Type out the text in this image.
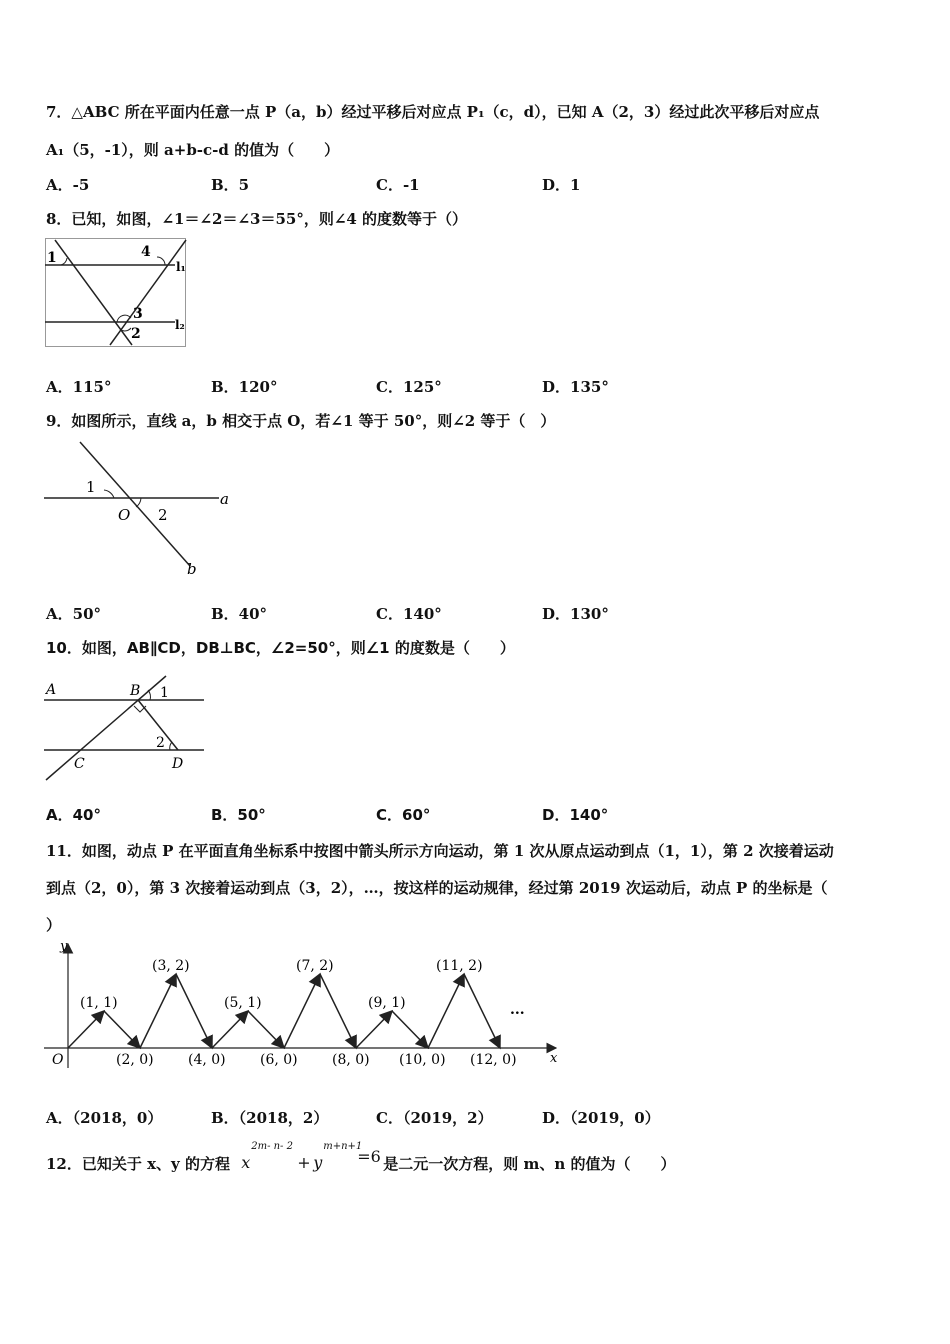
7．△ABC 所在平面内任意一点 P（a，b）经过平移后对应点 P₁（c，d），已知 A（2，3）经过此次平移后对应点
A₁（5，-1），则 a+b-c-d 的值为（　　）
A．-5	B．5	C．-1	D．1
8．已知，如图，∠1＝∠2＝∠3＝55°，则∠4 的度数等于（）
1	4
l₁
3
2
l₂
A．115°	B．120°	C．125°	D．135°
9．如图所示，直线 a，b 相交于点 O，若∠1 等于 50°，则∠2 等于（　）
1
a
O 2
b
A．50°	B．40°	C．140°	D．130°
10．如图，AB∥CD，DB⊥BC，∠2=50°，则∠1 的度数是（　　）
A	B 1
2
C	D
A．40°	B．50°	C．60°	D．140°
11．如图，动点 P 在平面直角坐标系中按图中箭头所示方向运动，第 1 次从原点运动到点（1，1），第 2 次接着运动
到点（2，0），第 3 次接着运动到点（3，2），…，按这样的运动规律，经过第 2019 次运动后，动点 P 的坐标是（
）
y
x
O
(1, 1)
(3, 2)
(5, 1)
(7, 2)
(9, 1)
(11, 2)
(2, 0) (4, 0) (6, 0) (8, 0) (10, 0) (12, 0)
...
A．（2018，0）	B．（2018，2）	C．（2019，2）	D．（2019，0）
12．已知关于 x、y 的方程 x
2m- n- 2
+ y
m+n+1
=6 是二元一次方程，则 m、n 的值为（　　）
